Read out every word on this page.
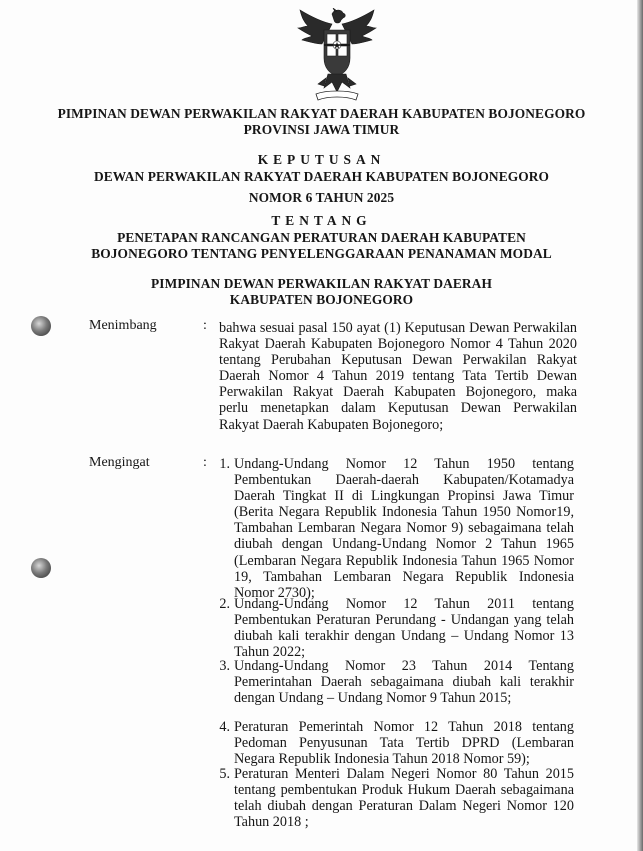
PIMPINAN DEWAN PERWAKILAN RAKYAT DAERAH KABUPATEN BOJONEGORO
PROVINSI JAWA TIMUR
KEPUTUSAN
DEWAN PERWAKILAN RAKYAT DAERAH KABUPATEN BOJONEGORO
NOMOR 6 TAHUN 2025
TENTANG
PENETAPAN RANCANGAN PERATURAN DAERAH KABUPATEN
BOJONEGORO TENTANG PENYELENGGARAAN PENANAMAN MODAL
PIMPINAN DEWAN PERWAKILAN RAKYAT DAERAH
KABUPATEN BOJONEGORO
Menimbang	: bahwa sesuai pasal 150 ayat (1) Keputusan Dewan Perwakilan Rakyat Daerah Kabupaten Bojonegoro Nomor 4 Tahun 2020 tentang Perubahan Keputusan Dewan Perwakilan Rakyat Daerah Nomor 4 Tahun 2019 tentang Tata Tertib Dewan Perwakilan Rakyat Daerah Kabupaten Bojonegoro, maka perlu menetapkan dalam Keputusan Dewan Perwakilan Rakyat Daerah Kabupaten Bojonegoro;
Mengingat	: 1. Undang-Undang Nomor 12 Tahun 1950 tentang Pembentukan Daerah-daerah Kabupaten/Kotamadya Daerah Tingkat II di Lingkungan Propinsi Jawa Timur (Berita Negara Republik Indonesia Tahun 1950 Nomor19, Tambahan Lembaran Negara Nomor 9) sebagaimana telah diubah dengan Undang-Undang Nomor 2 Tahun 1965 (Lembaran Negara Republik Indonesia Tahun 1965 Nomor 19, Tambahan Lembaran Negara Republik Indonesia Nomor 2730);
2. Undang-Undang Nomor 12 Tahun 2011 tentang Pembentukan Peraturan Perundang - Undangan yang telah diubah kali terakhir dengan Undang – Undang Nomor 13 Tahun 2022;
3. Undang-Undang Nomor 23 Tahun 2014 Tentang Pemerintahan Daerah sebagaimana diubah kali terakhir dengan Undang – Undang Nomor 9 Tahun 2015;
4. Peraturan Pemerintah Nomor 12 Tahun 2018 tentang Pedoman Penyusunan Tata Tertib DPRD (Lembaran Negara Republik Indonesia Tahun 2018 Nomor 59);
5. Peraturan Menteri Dalam Negeri Nomor 80 Tahun 2015 tentang pembentukan Produk Hukum Daerah sebagaimana telah diubah dengan Peraturan Dalam Negeri Nomor 120 Tahun 2018 ;
